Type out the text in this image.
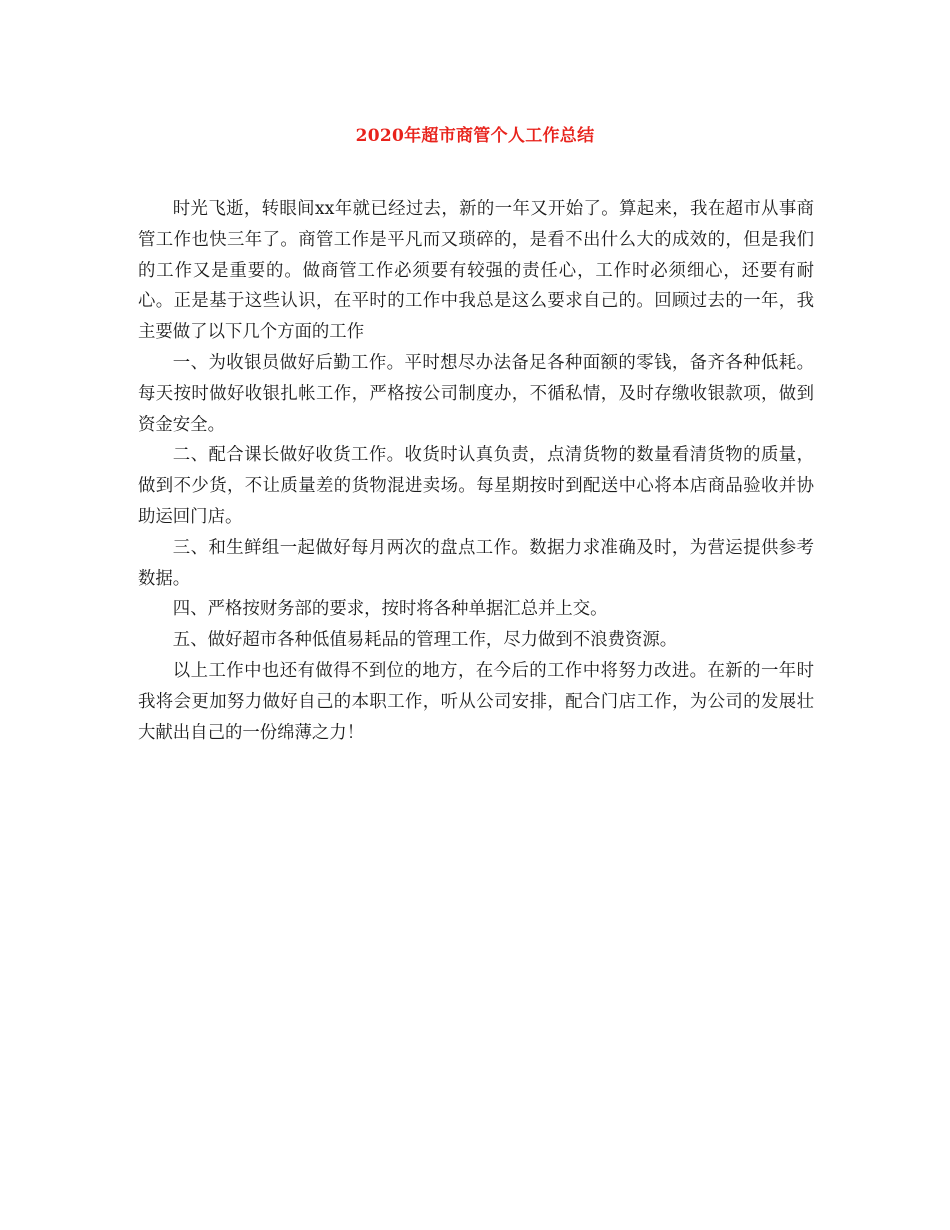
2020年超市商管个人工作总结

时光飞逝，转眼间xx年就已经过去，新的一年又开始了。算起来，我在超市从事商管工作也快三年了。商管工作是平凡而又琐碎的，是看不出什么大的成效的，但是我们的工作又是重要的。做商管工作必须要有较强的责任心，工作时必须细心，还要有耐心。正是基于这些认识，在平时的工作中我总是这么要求自己的。回顾过去的一年，我主要做了以下几个方面的工作

一、为收银员做好后勤工作。平时想尽办法备足各种面额的零钱，备齐各种低耗。每天按时做好收银扎帐工作，严格按公司制度办，不循私情，及时存缴收银款项，做到资金安全。

二、配合课长做好收货工作。收货时认真负责，点清货物的数量看清货物的质量，做到不少货，不让质量差的货物混进卖场。每星期按时到配送中心将本店商品验收并协助运回门店。

三、和生鲜组一起做好每月两次的盘点工作。数据力求准确及时，为营运提供参考数据。

四、严格按财务部的要求，按时将各种单据汇总并上交。

五、做好超市各种低值易耗品的管理工作，尽力做到不浪费资源。

以上工作中也还有做得不到位的地方，在今后的工作中将努力改进。在新的一年时我将会更加努力做好自己的本职工作，听从公司安排，配合门店工作，为公司的发展壮大献出自己的一份绵薄之力！
